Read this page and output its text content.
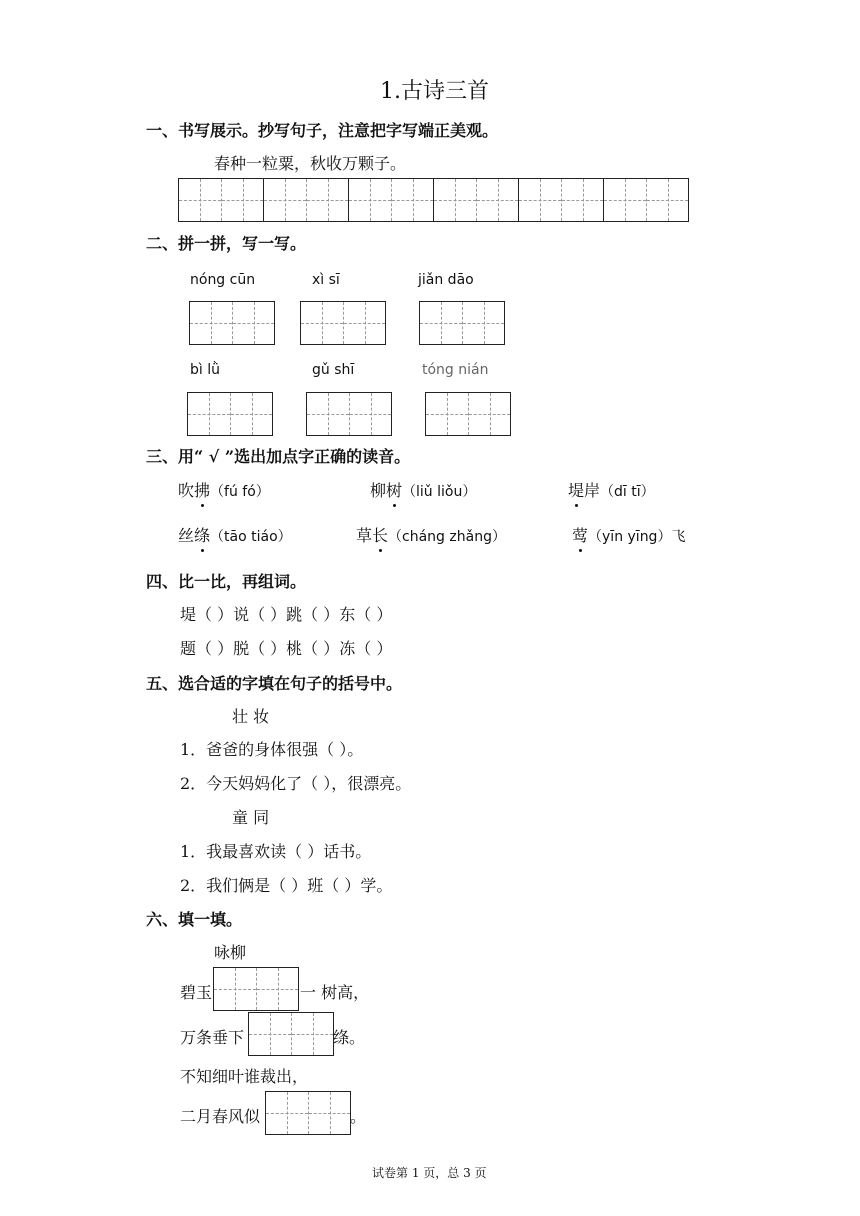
1.古诗三首
一、书写展示。抄写句子，注意把字写端正美观。
春种一粒粟，秋收万颗子。
二、拼一拼，写一写。
nóng cūn	xì sī	jiǎn dāo
bì lǜ	gǔ shī	tóng nián
三、用“ √ ”选出加点字正确的读音。
吹拂（fú fó）	柳树（liǔ liǒu）	堤岸（dī tī）
丝绦（tāo tiáo）	草长（cháng zhǎng）	莺（yīn yīng）飞
四、比一比，再组词。
堤（ ）说（ ）跳（ ）东（ ）
题（ ）脱（ ）桃（ ）冻（ ）
五、选合适的字填在句子的括号中。
壮 妆
1．爸爸的身体很强（ ）。
2．今天妈妈化了（ ），很漂亮。
童 同
1．我最喜欢读（ ）话书。
2．我们俩是（ ）班（ ）学。
六、填一填。
咏柳
碧玉	一 树高，
万条垂下	绦。
不知细叶谁裁出，
二月春风似	。
试卷第 1 页，总 3 页
